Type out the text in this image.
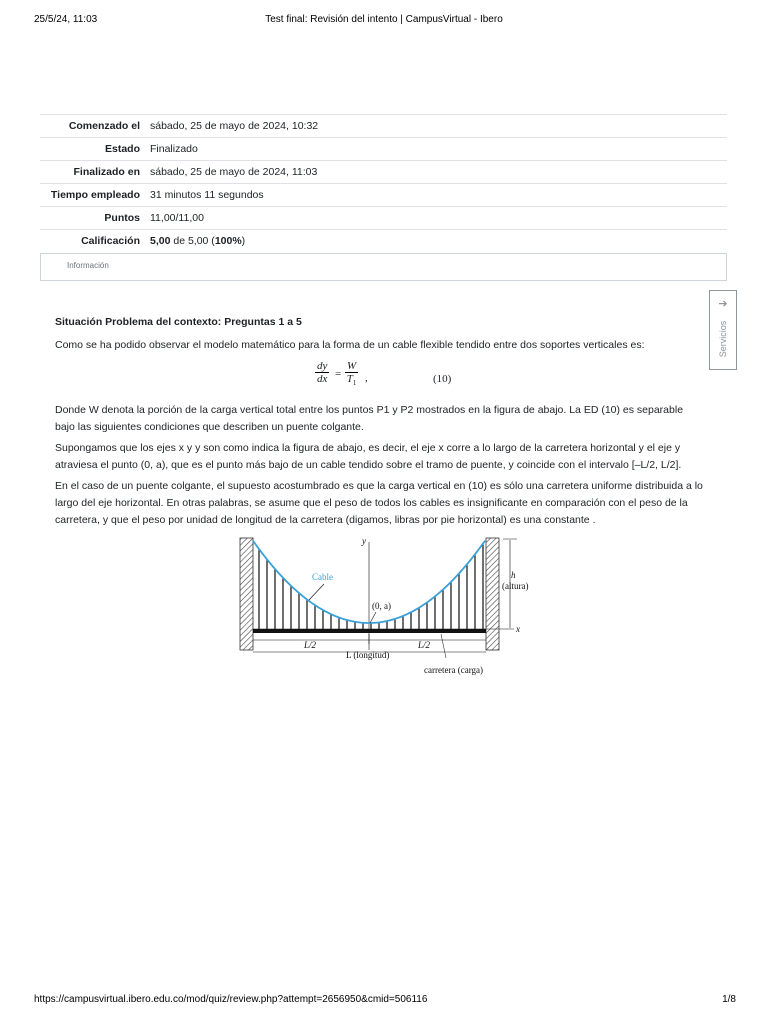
25/5/24, 11:03	Test final: Revisión del intento | CampusVirtual - Ibero
Comenzado el	sábado, 25 de mayo de 2024, 10:32
Estado	Finalizado
Finalizado en	sábado, 25 de mayo de 2024, 11:03
Tiempo empleado	31 minutos 11 segundos
Puntos	11,00/11,00
Calificación	5,00 de 5,00 (100%)
Información
➔
Servicios
Situación Problema del contexto: Preguntas 1 a 5

Como se ha podido observar el modelo matemático para la forma de un cable flexible tendido entre dos soportes verticales es:

$\frac{dy}{dx} = \frac{W}{T_1}$ ,	(10)

Donde W denota la porción de la carga vertical total entre los puntos P1 y P2 mostrados en la figura de abajo. La ED (10) es separable bajo las siguientes condiciones que describen un puente colgante.

Supongamos que los ejes x y y son como indica la figura de abajo, es decir, el eje x corre a lo largo de la carretera horizontal y el eje y atraviesa el punto (0, a), que es el punto más bajo de un cable tendido sobre el tramo de puente, y coincide con el intervalo [–L/2, L/2].

En el caso de un puente colgante, el supuesto acostumbrado es que la carga vertical en (10) es sólo una carretera uniforme distribuida a lo largo del eje horizontal. En otras palabras, se asume que el peso de todos los cables es insignificante en comparación con el peso de la carretera, y que el peso por unidad de longitud de la carretera (digamos, libras por pie horizontal) es una constante .

Cable
y
x
(0, a)
h
(altura)
L/2	L/2
L (longitud)
carretera (carga)
https://campusvirtual.ibero.edu.co/mod/quiz/review.php?attempt=2656950&cmid=506116	1/8
